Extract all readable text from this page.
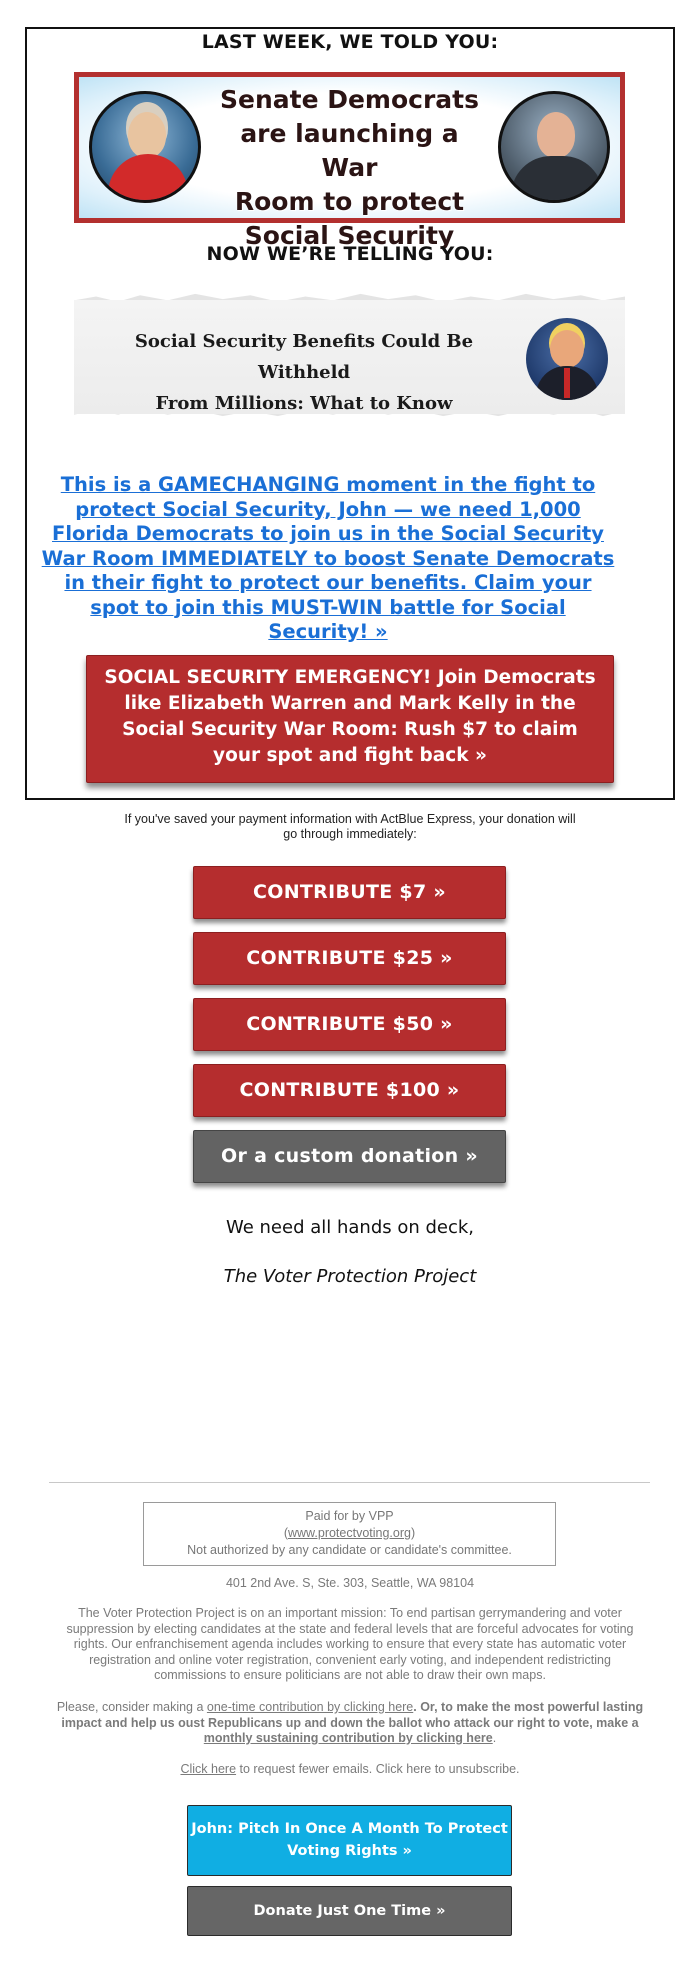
LAST WEEK, WE TOLD YOU:
Senate Democrats
are launching a War
Room to protect
Social Security
NOW WE’RE TELLING YOU:
Social Security Benefits Could Be Withheld
From Millions: What to Know
This is a GAMECHANGING moment in the fight to protect Social Security, John — we need 1,000 Florida Democrats to join us in the Social Security War Room IMMEDIATELY to boost Senate Democrats in their fight to protect our benefits. Claim your spot to join this MUST-WIN battle for Social Security! »
SOCIAL SECURITY EMERGENCY! Join Democrats like Elizabeth Warren and Mark Kelly in the Social Security War Room: Rush $7 to claim your spot and fight back »
If you've saved your payment information with ActBlue Express, your donation will go through immediately:
CONTRIBUTE $7 »
CONTRIBUTE $25 »
CONTRIBUTE $50 »
CONTRIBUTE $100 »
Or a custom donation »
We need all hands on deck,
The Voter Protection Project
Paid for by VPP
(www.protectvoting.org)
Not authorized by any candidate or candidate's committee.
401 2nd Ave. S, Ste. 303, Seattle, WA 98104
The Voter Protection Project is on an important mission: To end partisan gerrymandering and voter suppression by electing candidates at the state and federal levels that are forceful advocates for voting rights. Our enfranchisement agenda includes working to ensure that every state has automatic voter registration and online voter registration, convenient early voting, and independent redistricting commissions to ensure politicians are not able to draw their own maps.
Please, consider making a one-time contribution by clicking here. Or, to make the most powerful lasting impact and help us oust Republicans up and down the ballot who attack our right to vote, make a monthly sustaining contribution by clicking here.
Click here to request fewer emails. Click here to unsubscribe.
John: Pitch In Once A Month To Protect Voting Rights »
Donate Just One Time »
